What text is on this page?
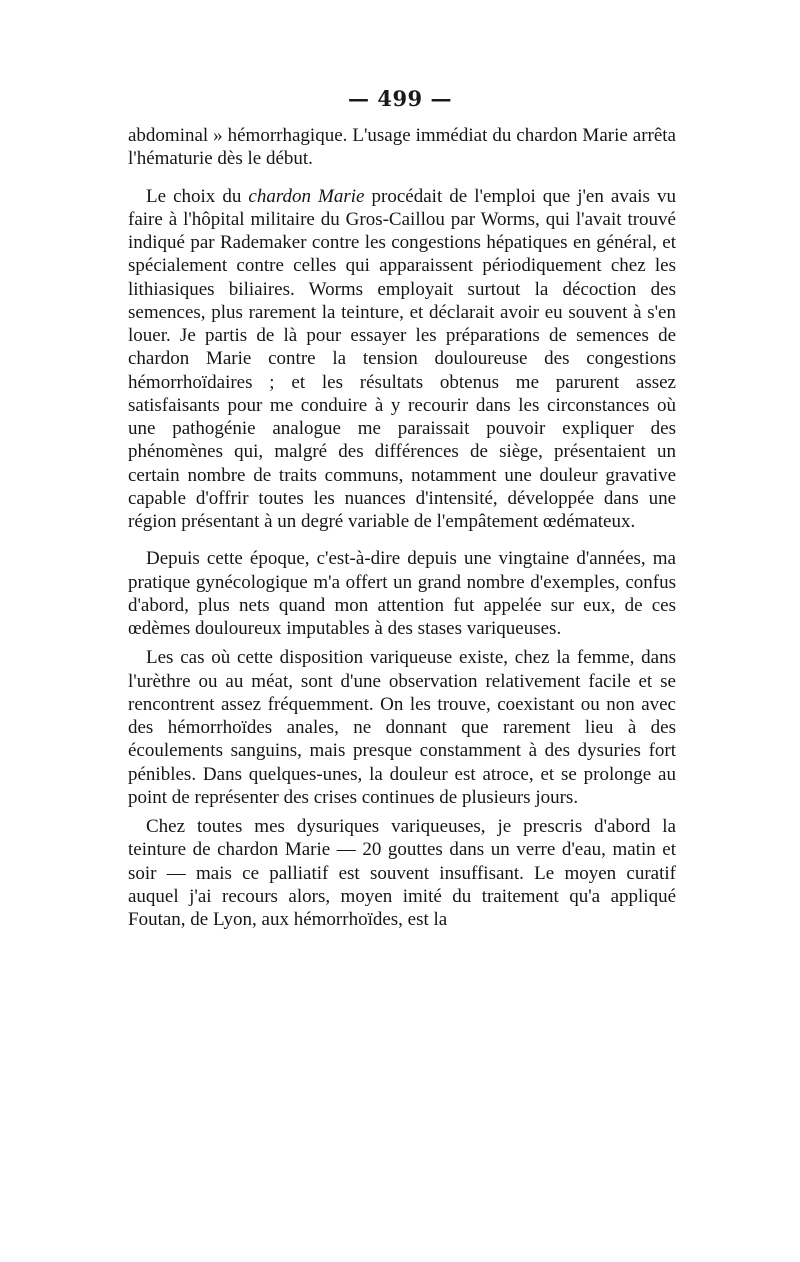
— 499 —

abdominal » hémorrhagique. L'usage immédiat du chardon Marie arrêta l'hématurie dès le début.

Le choix du chardon Marie procédait de l'emploi que j'en avais vu faire à l'hôpital militaire du Gros-Caillou par Worms, qui l'avait trouvé indiqué par Rademaker contre les congestions hépatiques en général, et spécialement contre celles qui apparaissent périodiquement chez les lithiasiques biliaires. Worms employait surtout la décoction des semences, plus rarement la teinture, et déclarait avoir eu souvent à s'en louer. Je partis de là pour essayer les préparations de semences de chardon Marie contre la tension douloureuse des congestions hémorrhoïdaires ; et les résultats obtenus me parurent assez satisfaisants pour me conduire à y recourir dans les circonstances où une pathogénie analogue me paraissait pouvoir expliquer des phénomènes qui, malgré des différences de siège, présentaient un certain nombre de traits communs, notamment une douleur gravative capable d'offrir toutes les nuances d'intensité, développée dans une région présentant à un degré variable de l'empâtement œdémateux.

Depuis cette époque, c'est-à-dire depuis une vingtaine d'années, ma pratique gynécologique m'a offert un grand nombre d'exemples, confus d'abord, plus nets quand mon attention fut appelée sur eux, de ces œdèmes douloureux imputables à des stases variqueuses.

Les cas où cette disposition variqueuse existe, chez la femme, dans l'urèthre ou au méat, sont d'une observation relativement facile et se rencontrent assez fréquemment. On les trouve, coexistant ou non avec des hémorrhoïdes anales, ne donnant que rarement lieu à des écoulements sanguins, mais presque constamment à des dysuries fort pénibles. Dans quelques-unes, la douleur est atroce, et se prolonge au point de représenter des crises continues de plusieurs jours.

Chez toutes mes dysuriques variqueuses, je prescris d'abord la teinture de chardon Marie — 20 gouttes dans un verre d'eau, matin et soir — mais ce palliatif est souvent insuffisant. Le moyen curatif auquel j'ai recours alors, moyen imité du traitement qu'a appliqué Foutan, de Lyon, aux hémorrhoïdes, est la
